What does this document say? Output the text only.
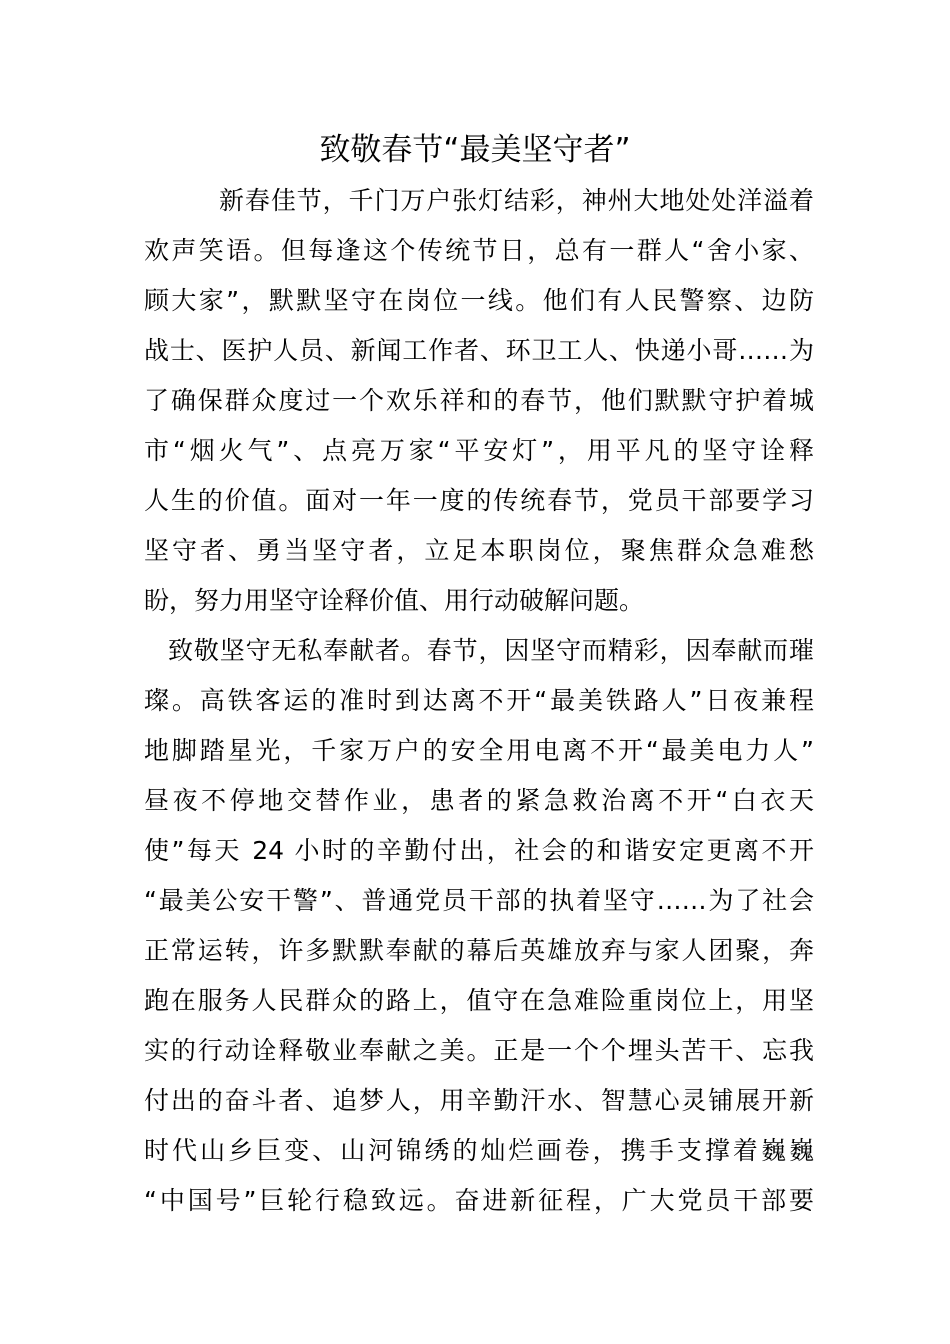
致敬春节“最美坚守者”
新春佳节，千门万户张灯结彩，神州大地处处洋溢着
欢声笑语。但每逢这个传统节日，总有一群人“舍小家、
顾大家”，默默坚守在岗位一线。他们有人民警察、边防
战士、医护人员、新闻工作者、环卫工人、快递小哥……为
了确保群众度过一个欢乐祥和的春节，他们默默守护着城
市“烟火气”、点亮万家“平安灯”，用平凡的坚守诠释
人生的价值。面对一年一度的传统春节，党员干部要学习
坚守者、勇当坚守者，立足本职岗位，聚焦群众急难愁
盼，努力用坚守诠释价值、用行动破解问题。
致敬坚守无私奉献者。春节，因坚守而精彩，因奉献而璀
璨。高铁客运的准时到达离不开“最美铁路人”日夜兼程
地脚踏星光，千家万户的安全用电离不开“最美电力人”
昼夜不停地交替作业，患者的紧急救治离不开“白衣天
使”每天 24 小时的辛勤付出，社会的和谐安定更离不开
“最美公安干警”、普通党员干部的执着坚守……为了社会
正常运转，许多默默奉献的幕后英雄放弃与家人团聚，奔
跑在服务人民群众的路上，值守在急难险重岗位上，用坚
实的行动诠释敬业奉献之美。正是一个个埋头苦干、忘我
付出的奋斗者、追梦人，用辛勤汗水、智慧心灵铺展开新
时代山乡巨变、山河锦绣的灿烂画卷，携手支撑着巍巍
“中国号”巨轮行稳致远。奋进新征程，广大党员干部要
